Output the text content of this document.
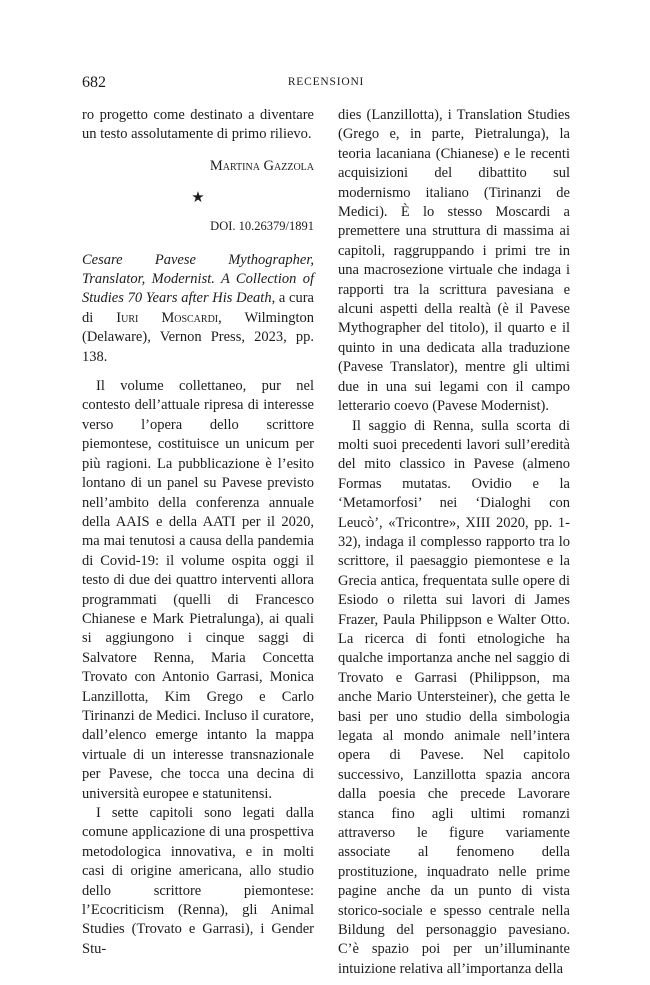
682	RECENSIONI

ro progetto come destinato a diventare un testo assolutamente di primo rilievo.

Martina Gazzola

★

DOI. 10.26379/1891

Cesare Pavese Mythographer, Translator, Modernist. A Collection of Studies 70 Years after His Death, a cura di Iuri Moscardi, Wilmington (Delaware), Vernon Press, 2023, pp. 138.

Il volume collettaneo, pur nel contesto dell’attuale ripresa di interesse verso l’opera dello scrittore piemontese, costituisce un unicum per più ragioni. La pubblicazione è l’esito lontano di un panel su Pavese previsto nell’ambito della conferenza annuale della AAIS e della AATI per il 2020, ma mai tenutosi a causa della pandemia di Covid-19: il volume ospita oggi il testo di due dei quattro interventi allora programmati (quelli di Francesco Chianese e Mark Pietralunga), ai quali si aggiungono i cinque saggi di Salvatore Renna, Maria Concetta Trovato con Antonio Garrasi, Monica Lanzillotta, Kim Grego e Carlo Tirinanzi de Medici. Incluso il curatore, dall’elenco emerge intanto la mappa virtuale di un interesse transnazionale per Pavese, che tocca una decina di università europee e statunitensi.

I sette capitoli sono legati dalla comune applicazione di una prospettiva metodologica innovativa, e in molti casi di origine americana, allo studio dello scrittore piemontese: l’Ecocriticism (Renna), gli Animal Studies (Trovato e Garrasi), i Gender Stu-

dies (Lanzillotta), i Translation Studies (Grego e, in parte, Pietralunga), la teoria lacaniana (Chianese) e le recenti acquisizioni del dibattito sul modernismo italiano (Tirinanzi de Medici). È lo stesso Moscardi a premettere una struttura di massima ai capitoli, raggruppando i primi tre in una macrosezione virtuale che indaga i rapporti tra la scrittura pavesiana e alcuni aspetti della realtà (è il Pavese Mythographer del titolo), il quarto e il quinto in una dedicata alla traduzione (Pavese Translator), mentre gli ultimi due in una sui legami con il campo letterario coevo (Pavese Modernist).

Il saggio di Renna, sulla scorta di molti suoi precedenti lavori sull’eredità del mito classico in Pavese (almeno Formas mutatas. Ovidio e la ‘Metamorfosi’ nei ‘Dialoghi con Leucò’, «Tricontre», XIII 2020, pp. 1-32), indaga il complesso rapporto tra lo scrittore, il paesaggio piemontese e la Grecia antica, frequentata sulle opere di Esiodo o riletta sui lavori di James Frazer, Paula Philippson e Walter Otto. La ricerca di fonti etnologiche ha qualche importanza anche nel saggio di Trovato e Garrasi (Philippson, ma anche Mario Untersteiner), che getta le basi per uno studio della simbologia legata al mondo animale nell’intera opera di Pavese. Nel capitolo successivo, Lanzillotta spazia ancora dalla poesia che precede Lavorare stanca fino agli ultimi romanzi attraverso le figure variamente associate al fenomeno della prostituzione, inquadrato nelle prime pagine anche da un punto di vista storico-sociale e spesso centrale nella Bildung del personaggio pavesiano. C’è spazio poi per un’illuminante intuizione relativa all’importanza della
